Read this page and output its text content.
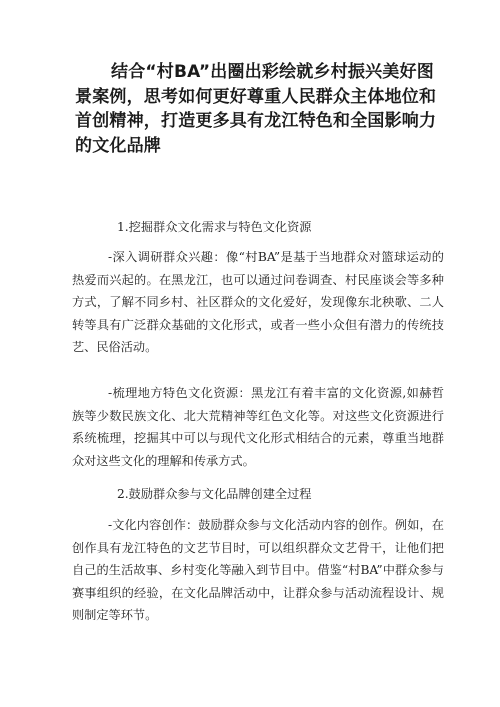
结合“村BA”出圈出彩绘就乡村振兴美好图景案例，思考如何更好尊重人民群众主体地位和首创精神，打造更多具有龙江特色和全国影响力的文化品牌

1.挖掘群众文化需求与特色文化资源

-深入调研群众兴趣：像“村BA”是基于当地群众对篮球运动的热爱而兴起的。在黑龙江，也可以通过问卷调查、村民座谈会等多种方式，了解不同乡村、社区群众的文化爱好，发现像东北秧歌、二人转等具有广泛群众基础的文化形式，或者一些小众但有潜力的传统技艺、民俗活动。

-梳理地方特色文化资源：黑龙江有着丰富的文化资源,如赫哲族等少数民族文化、北大荒精神等红色文化等。对这些文化资源进行系统梳理，挖掘其中可以与现代文化形式相结合的元素，尊重当地群众对这些文化的理解和传承方式。

2.鼓励群众参与文化品牌创建全过程

-文化内容创作：鼓励群众参与文化活动内容的创作。例如，在创作具有龙江特色的文艺节目时，可以组织群众文艺骨干，让他们把自己的生活故事、乡村变化等融入到节目中。借鉴“村BA”中群众参与赛事组织的经验，在文化品牌活动中，让群众参与活动流程设计、规则制定等环节。
